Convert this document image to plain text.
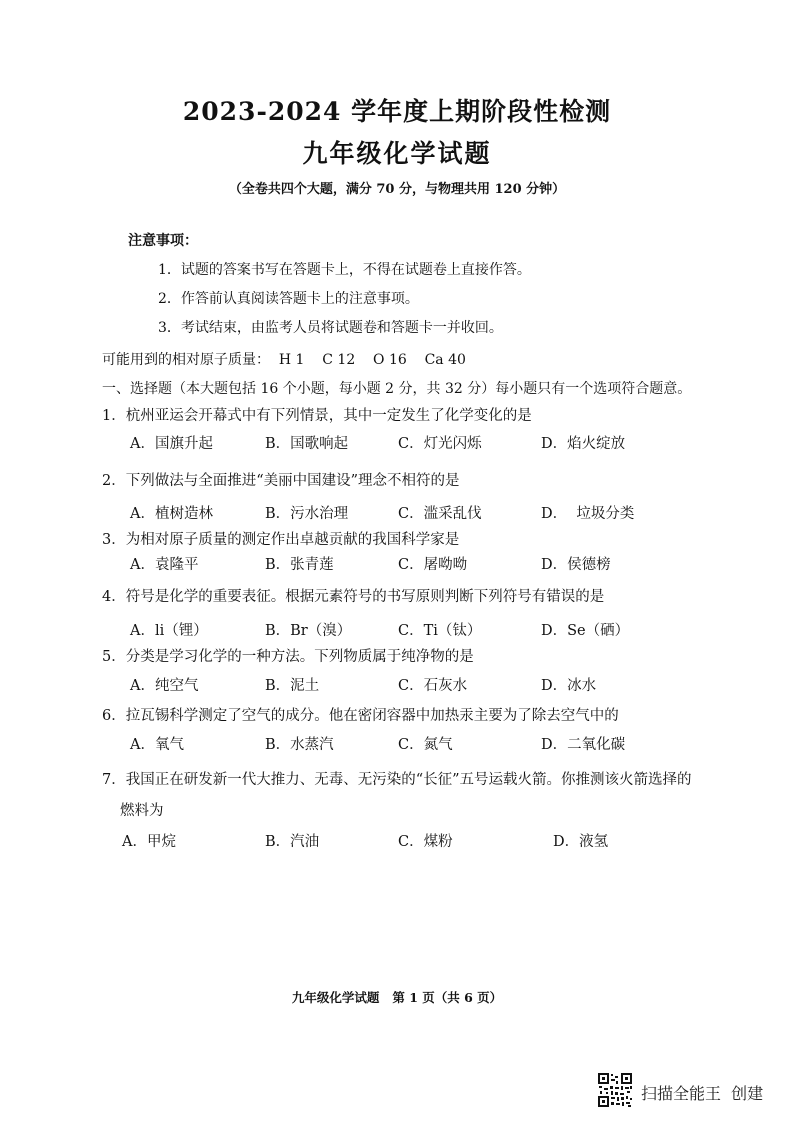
2023-2024 学年度上期阶段性检测
九年级化学试题
（全卷共四个大题，满分 70 分，与物理共用 120 分钟）
注意事项：
1．试题的答案书写在答题卡上，不得在试题卷上直接作答。
2．作答前认真阅读答题卡上的注意事项。
3．考试结束，由监考人员将试题卷和答题卡一并收回。
可能用到的相对原子质量：  H 1    C 12    O 16    Ca 40
一、选择题（本大题包括 16 个小题，每小题 2 分，共 32 分）每小题只有一个选项符合题意。
1．杭州亚运会开幕式中有下列情景，其中一定发生了化学变化的是
A．国旗升起	B．国歌响起	C．灯光闪烁	D．焰火绽放
2．下列做法与全面推进“美丽中国建设”理念不相符的是
A．植树造林	B．污水治理	C．滥采乱伐	D．  垃圾分类
3．为相对原子质量的测定作出卓越贡献的我国科学家是
A．袁隆平	B．张青莲	C．屠呦呦	D．侯德榜
4．符号是化学的重要表征。根据元素符号的书写原则判断下列符号有错误的是
A．li（锂）	B．Br（溴）	C．Ti（钛）	D．Se（硒）
5．分类是学习化学的一种方法。下列物质属于纯净物的是
A．纯空气	B．泥土	C．石灰水	D．冰水
6．拉瓦锡科学测定了空气的成分。他在密闭容器中加热汞主要为了除去空气中的
A．氧气	B．水蒸汽	C．氮气	D．二氧化碳
7．我国正在研发新一代大推力、无毒、无污染的“长征”五号运载火箭。你推测该火箭选择的
燃料为
A．甲烷	B．汽油	C．煤粉	D．液氢
九年级化学试题   第 1 页（共 6 页）
扫描全能王  创建
